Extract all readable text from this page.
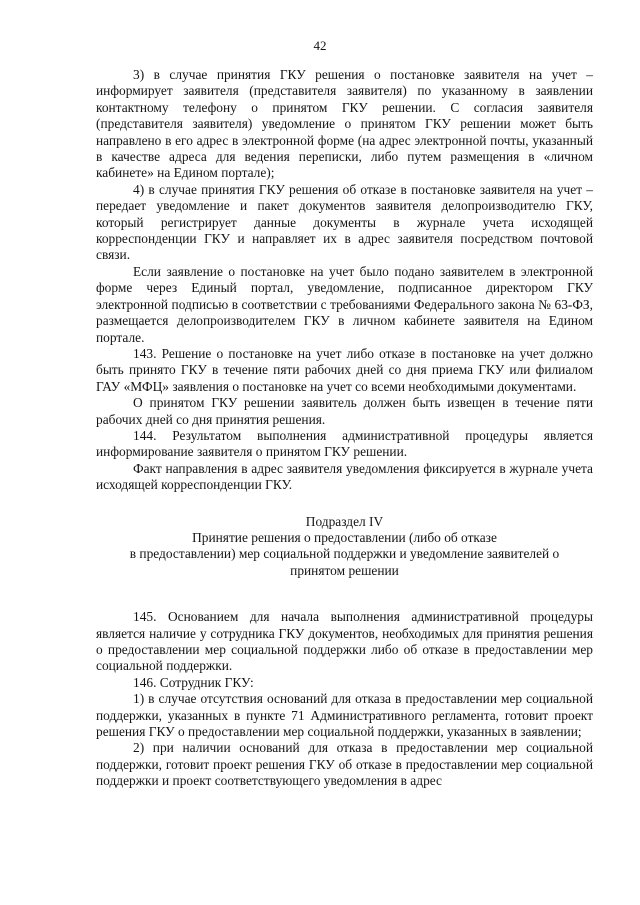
42

3) в случае принятия ГКУ решения о постановке заявителя на учет – информирует заявителя (представителя заявителя) по указанному в заявлении контактному телефону о принятом ГКУ решении. С согласия заявителя (представителя заявителя) уведомление о принятом ГКУ решении может быть направлено в его адрес в электронной форме (на адрес электронной почты, указанный в качестве адреса для ведения переписки, либо путем размещения в «личном кабинете» на Едином портале);

4) в случае принятия ГКУ решения об отказе в постановке заявителя на учет – передает уведомление и пакет документов заявителя делопроизводителю ГКУ, который регистрирует данные документы в журнале учета исходящей корреспонденции ГКУ и направляет их в адрес заявителя посредством почтовой связи.

Если заявление о постановке на учет было подано заявителем в электронной форме через Единый портал, уведомление, подписанное директором ГКУ электронной подписью в соответствии с требованиями Федерального закона № 63-ФЗ, размещается делопроизводителем ГКУ в личном кабинете заявителя на Едином портале.

143. Решение о постановке на учет либо отказе в постановке на учет должно быть принято ГКУ в течение пяти рабочих дней со дня приема ГКУ или филиалом ГАУ «МФЦ» заявления о постановке на учет со всеми необходимыми документами.

О принятом ГКУ решении заявитель должен быть извещен в течение пяти рабочих дней со дня принятия решения.

144. Результатом выполнения административной процедуры является информирование заявителя о принятом ГКУ решении.

Факт направления в адрес заявителя уведомления фиксируется в журнале учета исходящей корреспонденции ГКУ.

Подраздел IV

Принятие решения о предоставлении (либо об отказе

в предоставлении) мер социальной поддержки и уведомление заявителей о

принятом решении

145. Основанием для начала выполнения административной процедуры является наличие у сотрудника ГКУ документов, необходимых для принятия решения о предоставлении мер социальной поддержки либо об отказе в предоставлении мер социальной поддержки.

146. Сотрудник ГКУ:

1) в случае отсутствия оснований для отказа в предоставлении мер социальной поддержки, указанных в пункте 71 Административного регламента, готовит проект решения ГКУ о предоставлении мер социальной поддержки, указанных в заявлении;

2) при наличии оснований для отказа в предоставлении мер социальной поддержки, готовит проект решения ГКУ об отказе в предоставлении мер социальной поддержки и проект соответствующего уведомления в адрес
